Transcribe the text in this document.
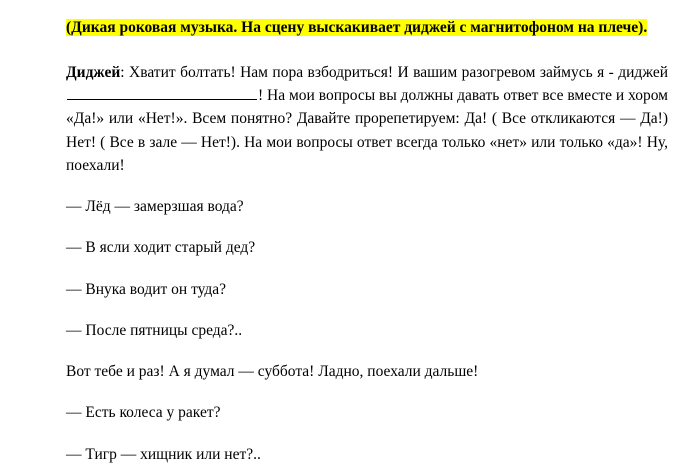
(Дикая роковая музыка. На сцену выскакивает диджей с магнитофоном на плече).

Диджей: Хватит болтать! Нам пора взбодриться! И вашим разогревом займусь я - диджей ! На мои вопросы вы должны давать ответ все вместе и хором «Да!» или «Нет!». Всем понятно? Давайте прорепетируем: Да! ( Все откликаются — Да!) Нет! ( Все в зале — Нет!). На мои вопросы ответ всегда только «нет» или только «да»! Ну, поехали!

— Лёд — замерзшая вода?

— В ясли ходит старый дед?

— Внука водит он туда?

— После пятницы среда?..

Вот тебе и раз! А я думал — суббота! Ладно, поехали дальше!

— Есть колеса у ракет?

— Тигр — хищник или нет?..
